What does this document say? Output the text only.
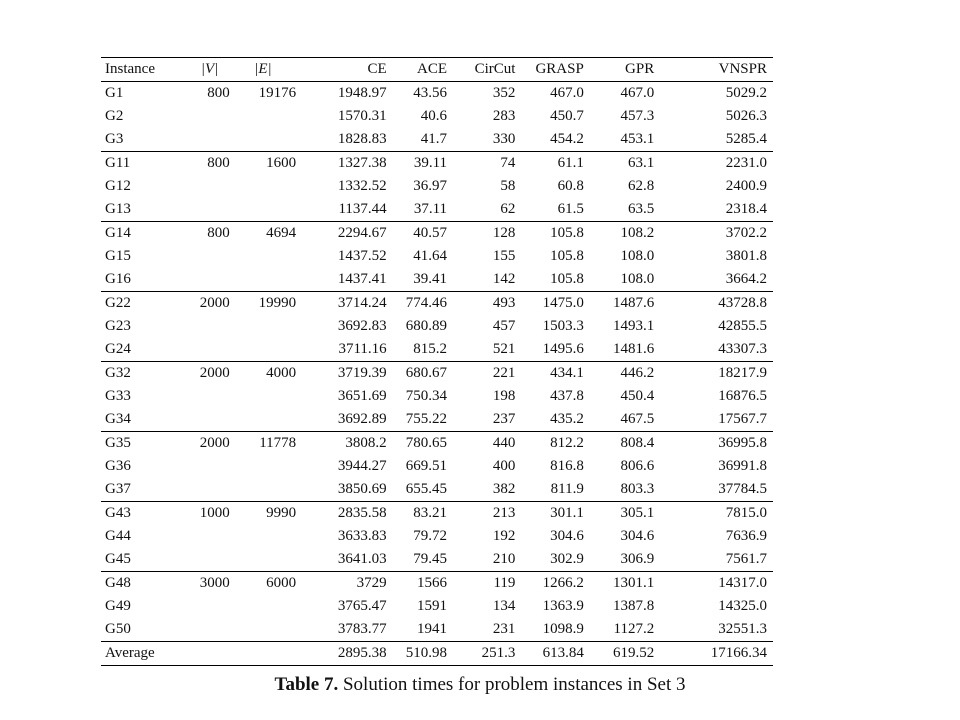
Instance	|V|	|E|	CE	ACE	CirCut	GRASP	GPR	VNSPR
G1	800	19176	1948.97	43.56	352	467.0	467.0	5029.2
G2			1570.31	40.6	283	450.7	457.3	5026.3
G3			1828.83	41.7	330	454.2	453.1	5285.4
G11	800	1600	1327.38	39.11	74	61.1	63.1	2231.0
G12			1332.52	36.97	58	60.8	62.8	2400.9
G13			1137.44	37.11	62	61.5	63.5	2318.4
G14	800	4694	2294.67	40.57	128	105.8	108.2	3702.2
G15			1437.52	41.64	155	105.8	108.0	3801.8
G16			1437.41	39.41	142	105.8	108.0	3664.2
G22	2000	19990	3714.24	774.46	493	1475.0	1487.6	43728.8
G23			3692.83	680.89	457	1503.3	1493.1	42855.5
G24			3711.16	815.2	521	1495.6	1481.6	43307.3
G32	2000	4000	3719.39	680.67	221	434.1	446.2	18217.9
G33			3651.69	750.34	198	437.8	450.4	16876.5
G34			3692.89	755.22	237	435.2	467.5	17567.7
G35	2000	11778	3808.2	780.65	440	812.2	808.4	36995.8
G36			3944.27	669.51	400	816.8	806.6	36991.8
G37			3850.69	655.45	382	811.9	803.3	37784.5
G43	1000	9990	2835.58	83.21	213	301.1	305.1	7815.0
G44			3633.83	79.72	192	304.6	304.6	7636.9
G45			3641.03	79.45	210	302.9	306.9	7561.7
G48	3000	6000	3729	1566	119	1266.2	1301.1	14317.0
G49			3765.47	1591	134	1363.9	1387.8	14325.0
G50			3783.77	1941	231	1098.9	1127.2	32551.3
Average			2895.38	510.98	251.3	613.84	619.52	17166.34
Table 7. Solution times for problem instances in Set 3
